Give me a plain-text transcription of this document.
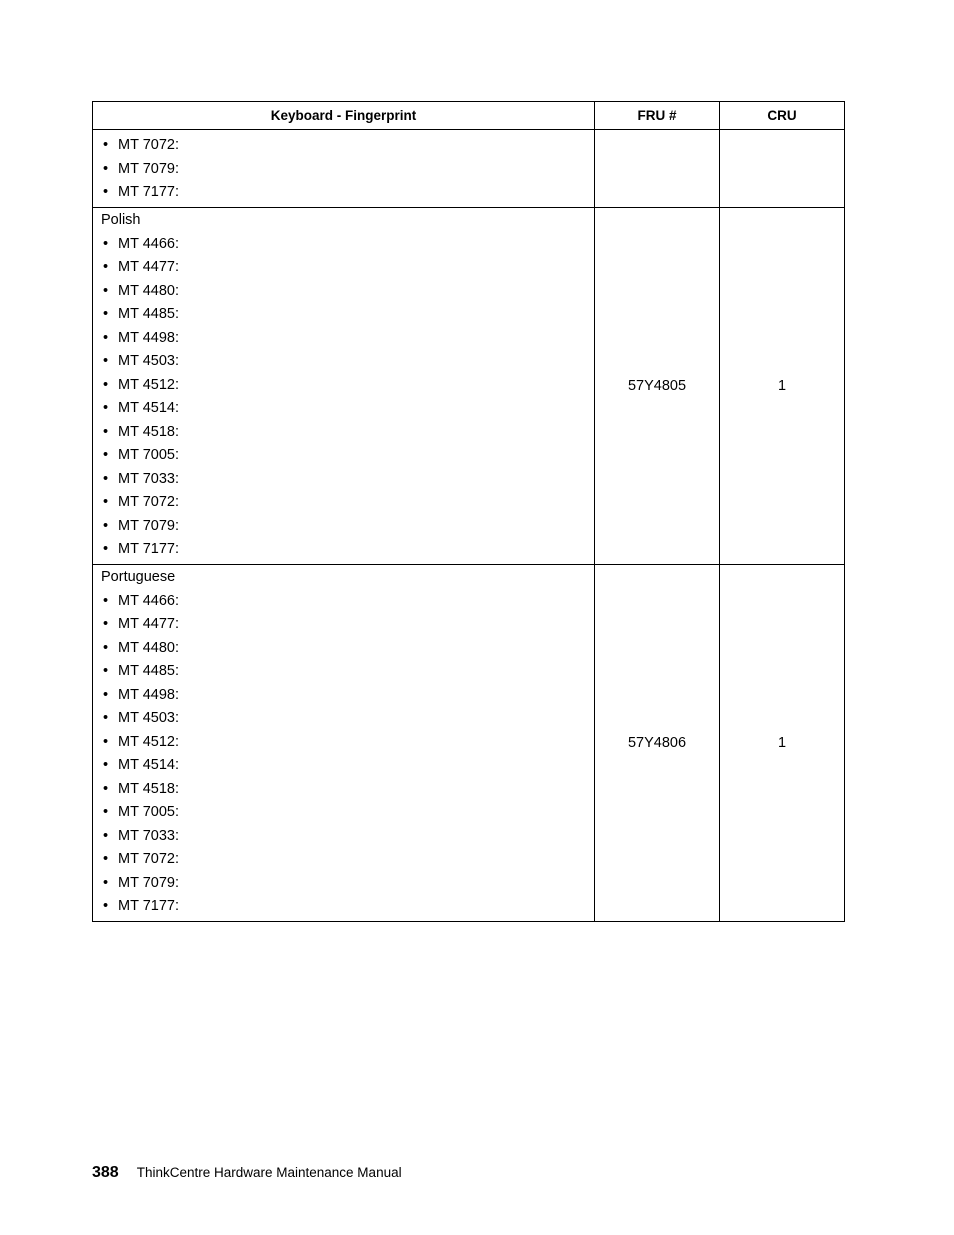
Keyboard - Fingerprint	FRU #	CRU
• MT 7072:
• MT 7079:
• MT 7177:
Polish
• MT 4466:
• MT 4477:
• MT 4480:
• MT 4485:
• MT 4498:
• MT 4503:
• MT 4512:
• MT 4514:
• MT 4518:
• MT 7005:
• MT 7033:
• MT 7072:
• MT 7079:
• MT 7177:
57Y4805	1
Portuguese
• MT 4466:
• MT 4477:
• MT 4480:
• MT 4485:
• MT 4498:
• MT 4503:
• MT 4512:
• MT 4514:
• MT 4518:
• MT 7005:
• MT 7033:
• MT 7072:
• MT 7079:
• MT 7177:
57Y4806	1
388 ThinkCentre Hardware Maintenance Manual
